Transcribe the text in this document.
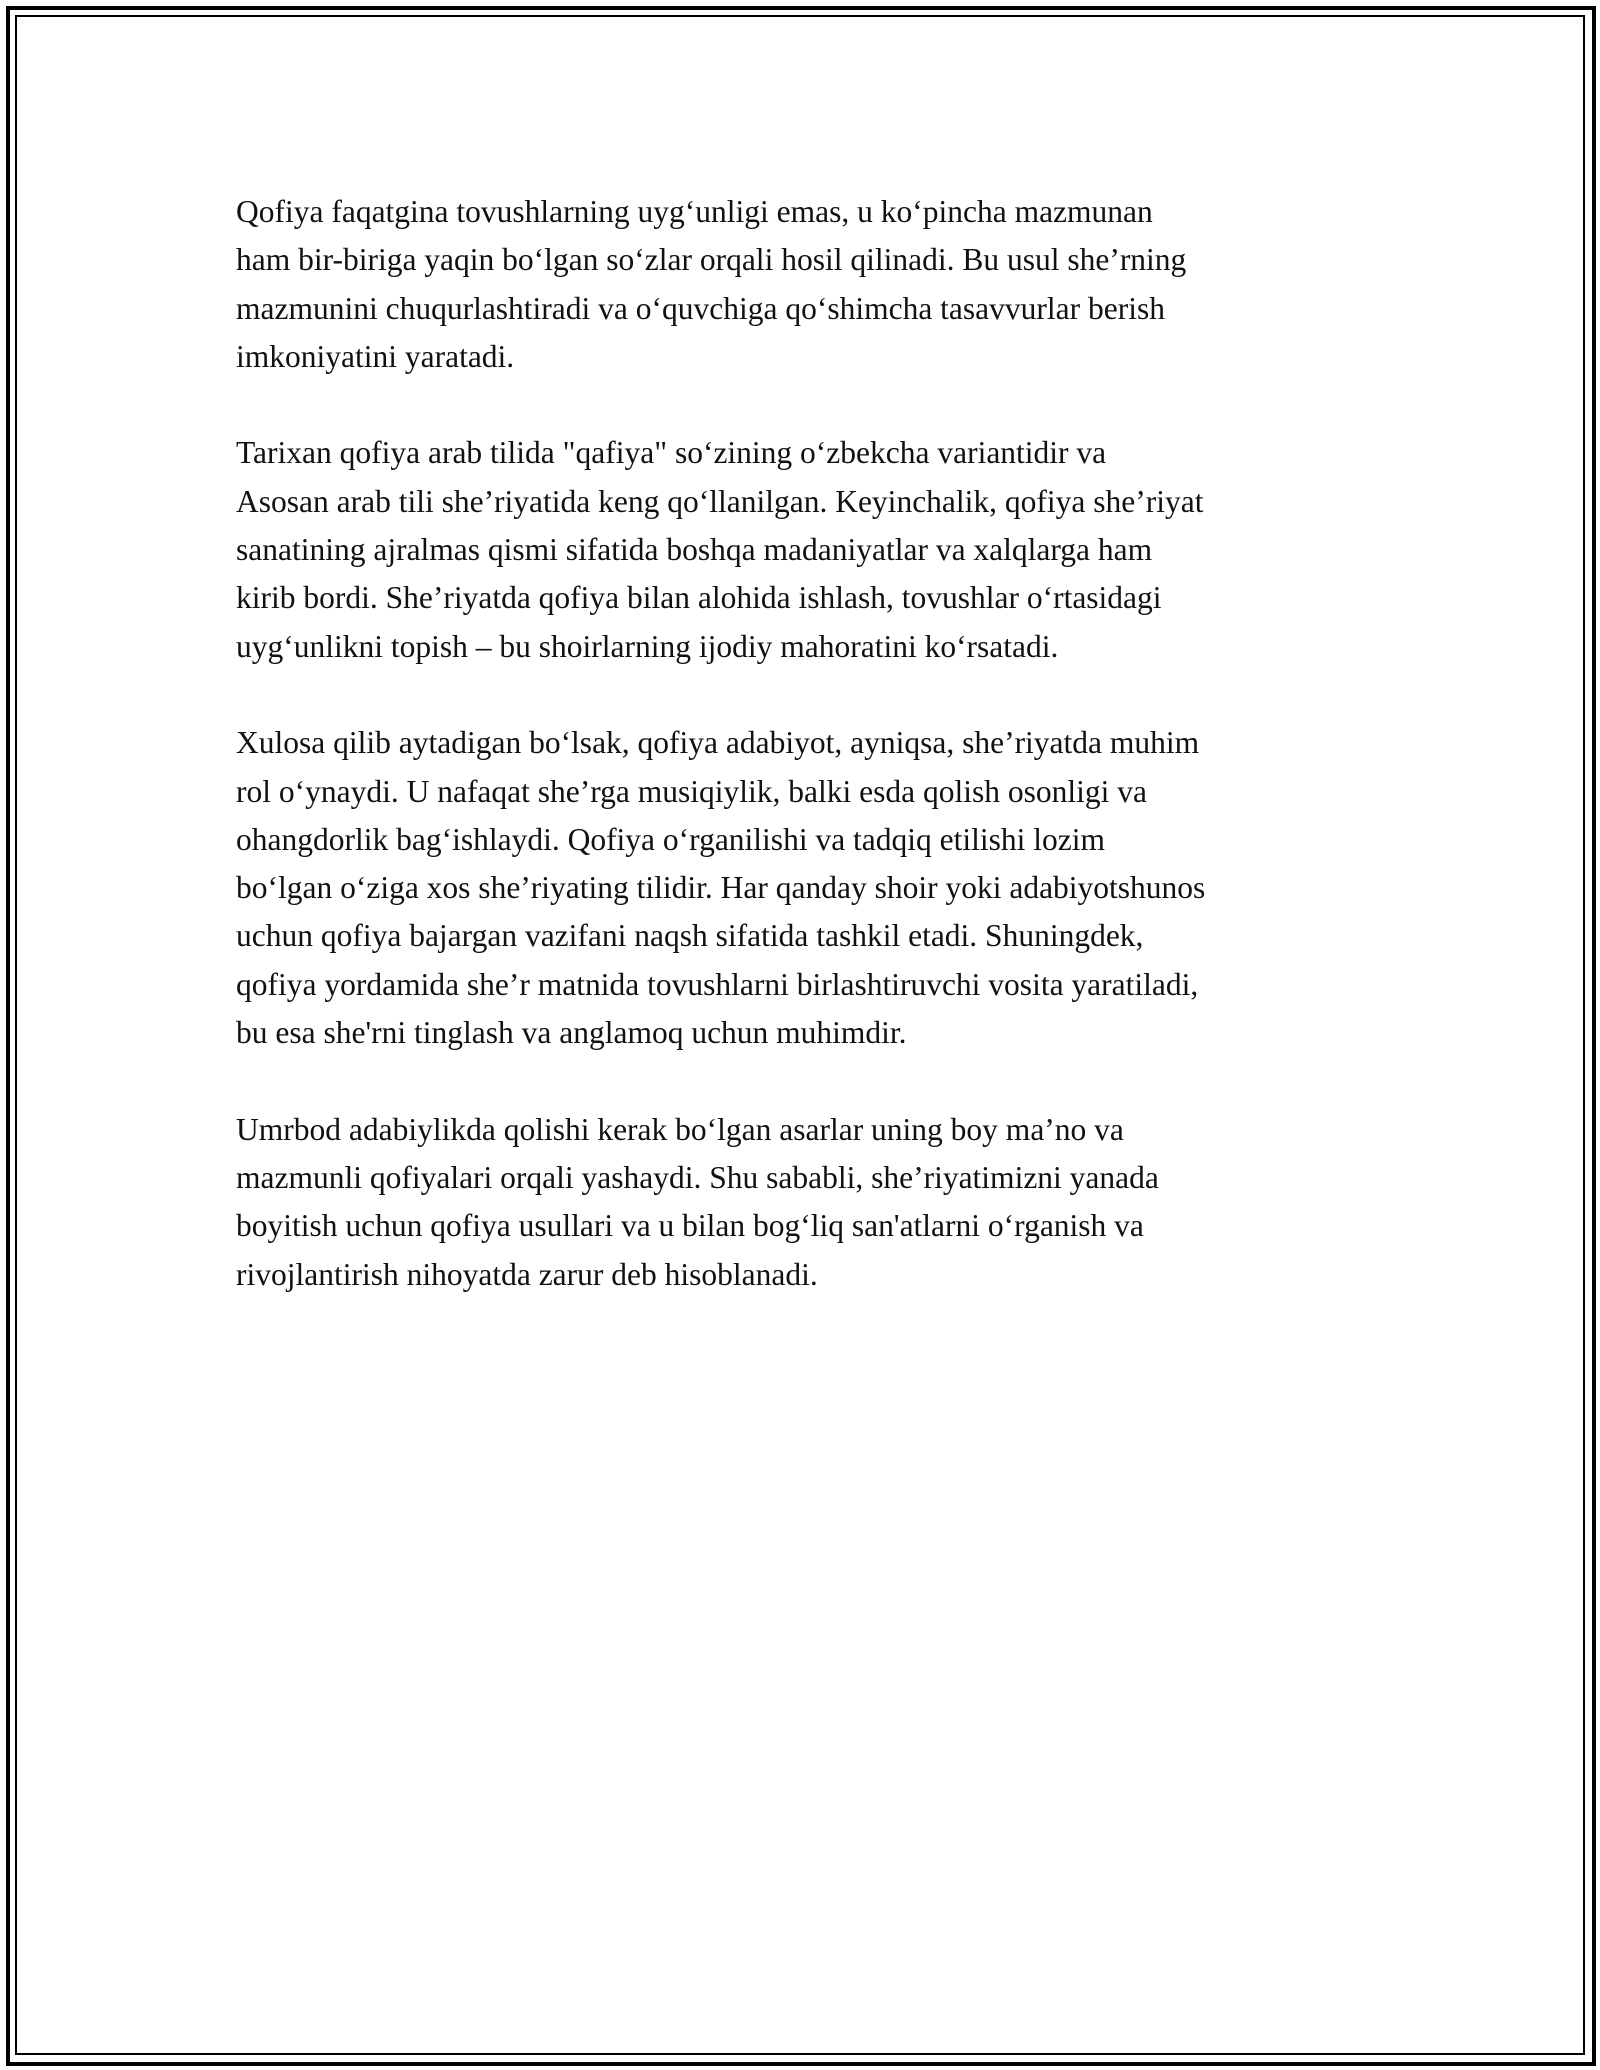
Qofiya faqatgina tovushlarning uyg‘unligi emas, u ko‘pincha mazmunan
ham bir-biriga yaqin bo‘lgan so‘zlar orqali hosil qilinadi. Bu usul she’rning
mazmunini chuqurlashtiradi va o‘quvchiga qo‘shimcha tasavvurlar berish
imkoniyatini yaratadi.

Tarixan qofiya arab tilida "qafiya" so‘zining o‘zbekcha variantidir va
Asosan arab tili she’riyatida keng qo‘llanilgan. Keyinchalik, qofiya she’riyat
sanatining ajralmas qismi sifatida boshqa madaniyatlar va xalqlarga ham
kirib bordi. She’riyatda qofiya bilan alohida ishlash, tovushlar o‘rtasidagi
uyg‘unlikni topish – bu shoirlarning ijodiy mahoratini ko‘rsatadi.

Xulosa qilib aytadigan bo‘lsak, qofiya adabiyot, ayniqsa, she’riyatda muhim
rol o‘ynaydi. U nafaqat she’rga musiqiylik, balki esda qolish osonligi va
ohangdorlik bag‘ishlaydi. Qofiya o‘rganilishi va tadqiq etilishi lozim
bo‘lgan o‘ziga xos she’riyating tilidir. Har qanday shoir yoki adabiyotshunos
uchun qofiya bajargan vazifani naqsh sifatida tashkil etadi. Shuningdek,
qofiya yordamida she’r matnida tovushlarni birlashtiruvchi vosita yaratiladi,
bu esa she'rni tinglash va anglamoq uchun muhimdir.

Umrbod adabiylikda qolishi kerak bo‘lgan asarlar uning boy ma’no va
mazmunli qofiyalari orqali yashaydi. Shu sababli, she’riyatimizni yanada
boyitish uchun qofiya usullari va u bilan bog‘liq san'atlarni o‘rganish va
rivojlantirish nihoyatda zarur deb hisoblanadi.
